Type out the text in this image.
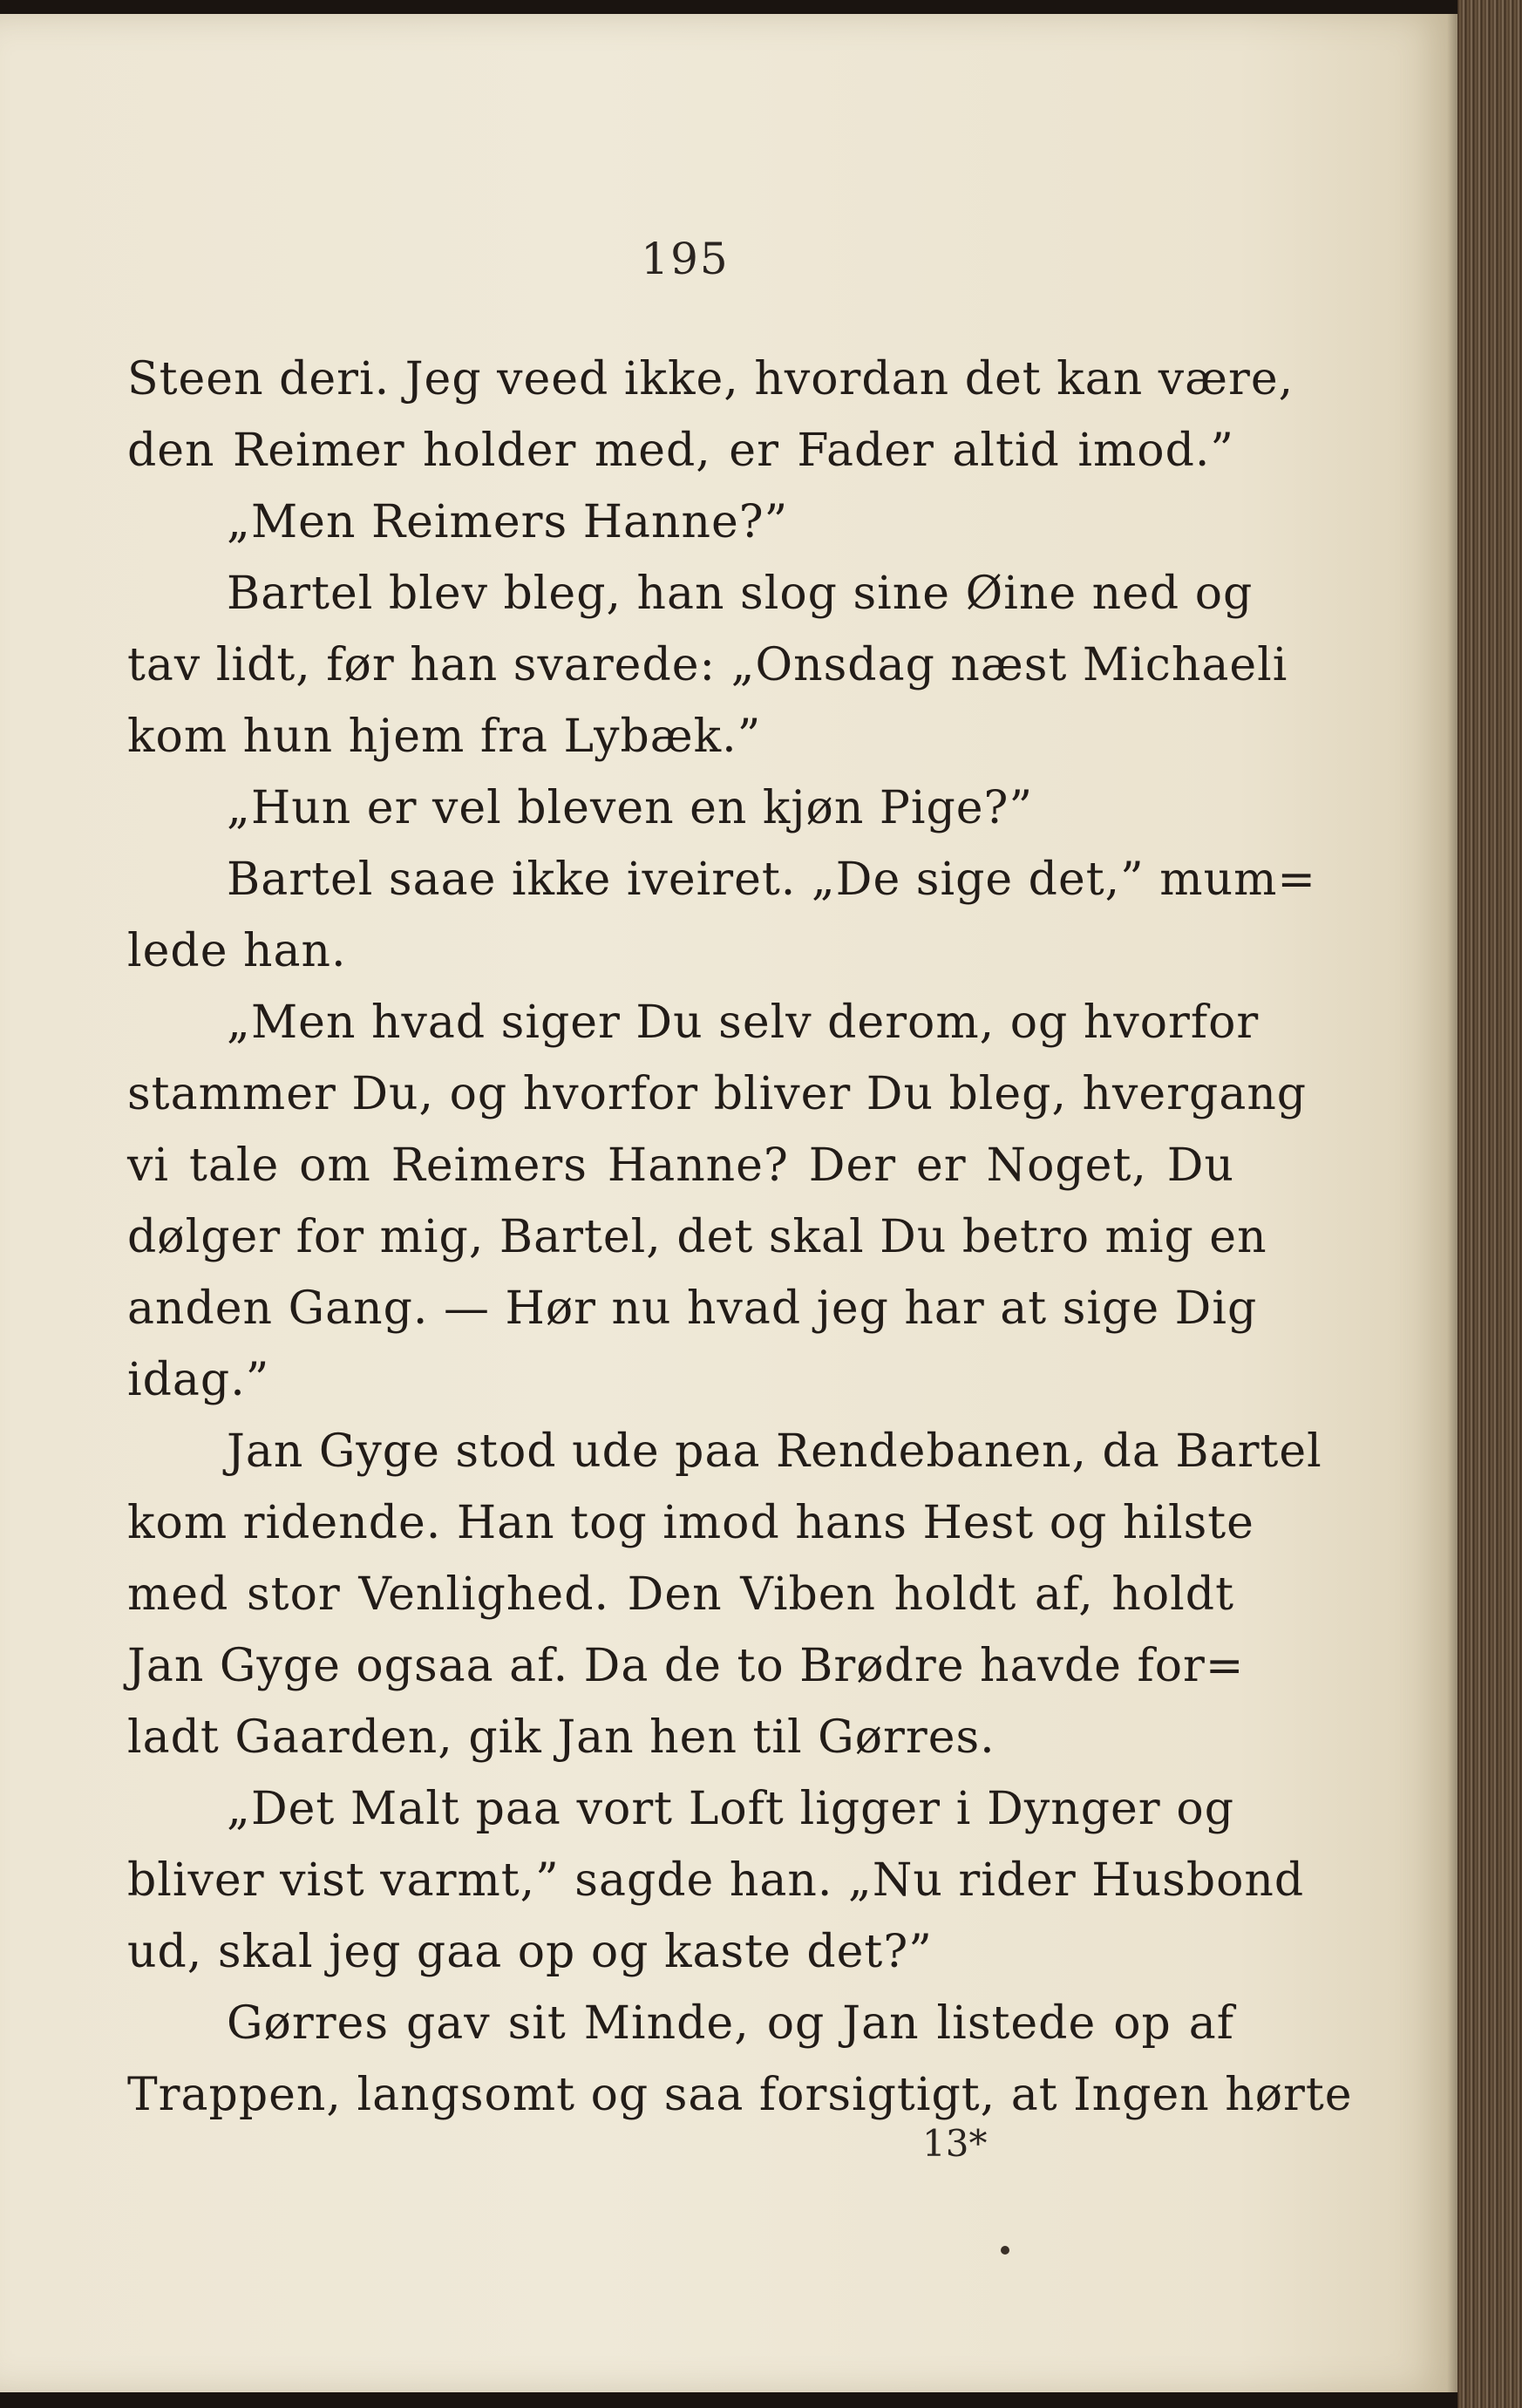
195
Steen deri. Jeg veed ikke, hvordan det kan være,
den Reimer holder med, er Fader altid imod.”
„Men Reimers Hanne?”
Bartel blev bleg, han slog sine Øine ned og
tav lidt, før han svarede: „Onsdag næst Michaeli
kom hun hjem fra Lybæk.”
„Hun er vel bleven en kjøn Pige?”
Bartel saae ikke iveiret. „De sige det,” mum=
lede han.
„Men hvad siger Du selv derom, og hvorfor
stammer Du, og hvorfor bliver Du bleg, hvergang
vi tale om Reimers Hanne? Der er Noget, Du
dølger for mig, Bartel, det skal Du betro mig en
anden Gang. — Hør nu hvad jeg har at sige Dig
idag.”
Jan Gyge stod ude paa Rendebanen, da Bartel
kom ridende. Han tog imod hans Hest og hilste
med stor Venlighed. Den Viben holdt af, holdt
Jan Gyge ogsaa af. Da de to Brødre havde for=
ladt Gaarden, gik Jan hen til Gørres.
„Det Malt paa vort Loft ligger i Dynger og
bliver vist varmt,” sagde han. „Nu rider Husbond
ud, skal jeg gaa op og kaste det?”
Gørres gav sit Minde, og Jan listede op af
Trappen, langsomt og saa forsigtigt, at Ingen hørte
13*
